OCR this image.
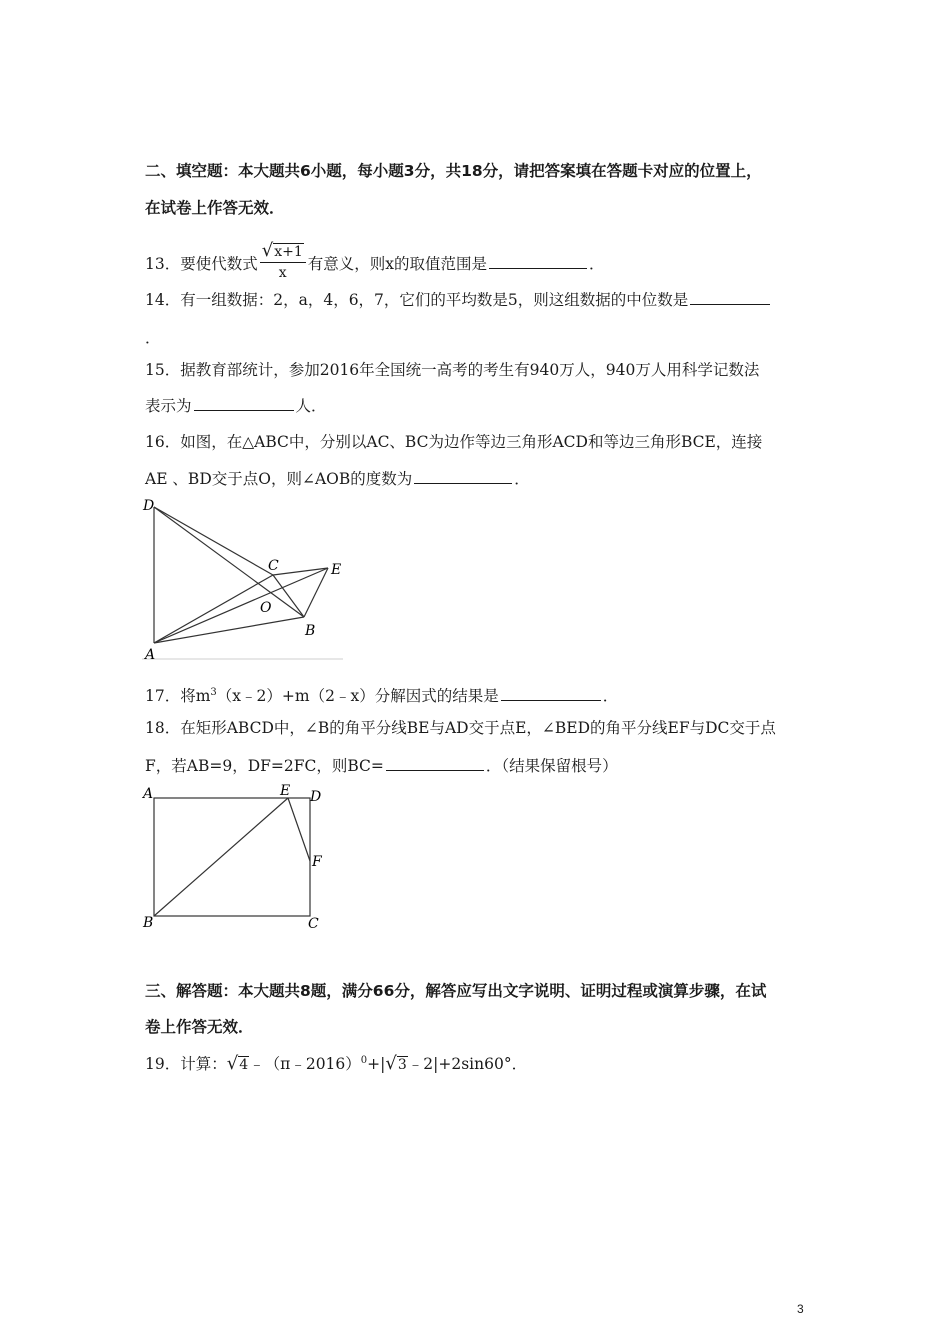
二、填空题：本大题共6小题，每小题3分，共18分，请把答案填在答题卡对应的位置上，
在试卷上作答无效．
13．要使代数式 $\frac{√x+1}{x}$ 有意义，则x的取值范围是	．
14．有一组数据：2，a，4，6，7，它们的平均数是5，则这组数据的中位数是
．
15．据教育部统计，参加2016年全国统一高考的考生有940万人，940万人用科学记数法
表示为	人．
16．如图，在△ABC中，分别以AC、BC为边作等边三角形ACD和等边三角形BCE，连接
AE 、BD交于点O，则∠AOB的度数为	．
D
C	E
O
B
A
17．将$m^3(x﹣2)+m(2﹣x)$分解因式的结果是	．
18．在矩形ABCD中，∠B的角平分线BE与AD交于点E，∠BED的角平分线EF与DC交于点
F，若AB=9，DF=2FC，则BC=	．（结果保留根号）
A	E D
F
B	C
三、解答题：本大题共8题，满分66分，解答应写出文字说明、证明过程或演算步骤，在试
卷上作答无效．
19．计算：√4﹣（π﹣2016）$^0$+|√3﹣2|+2sin60°．
3
